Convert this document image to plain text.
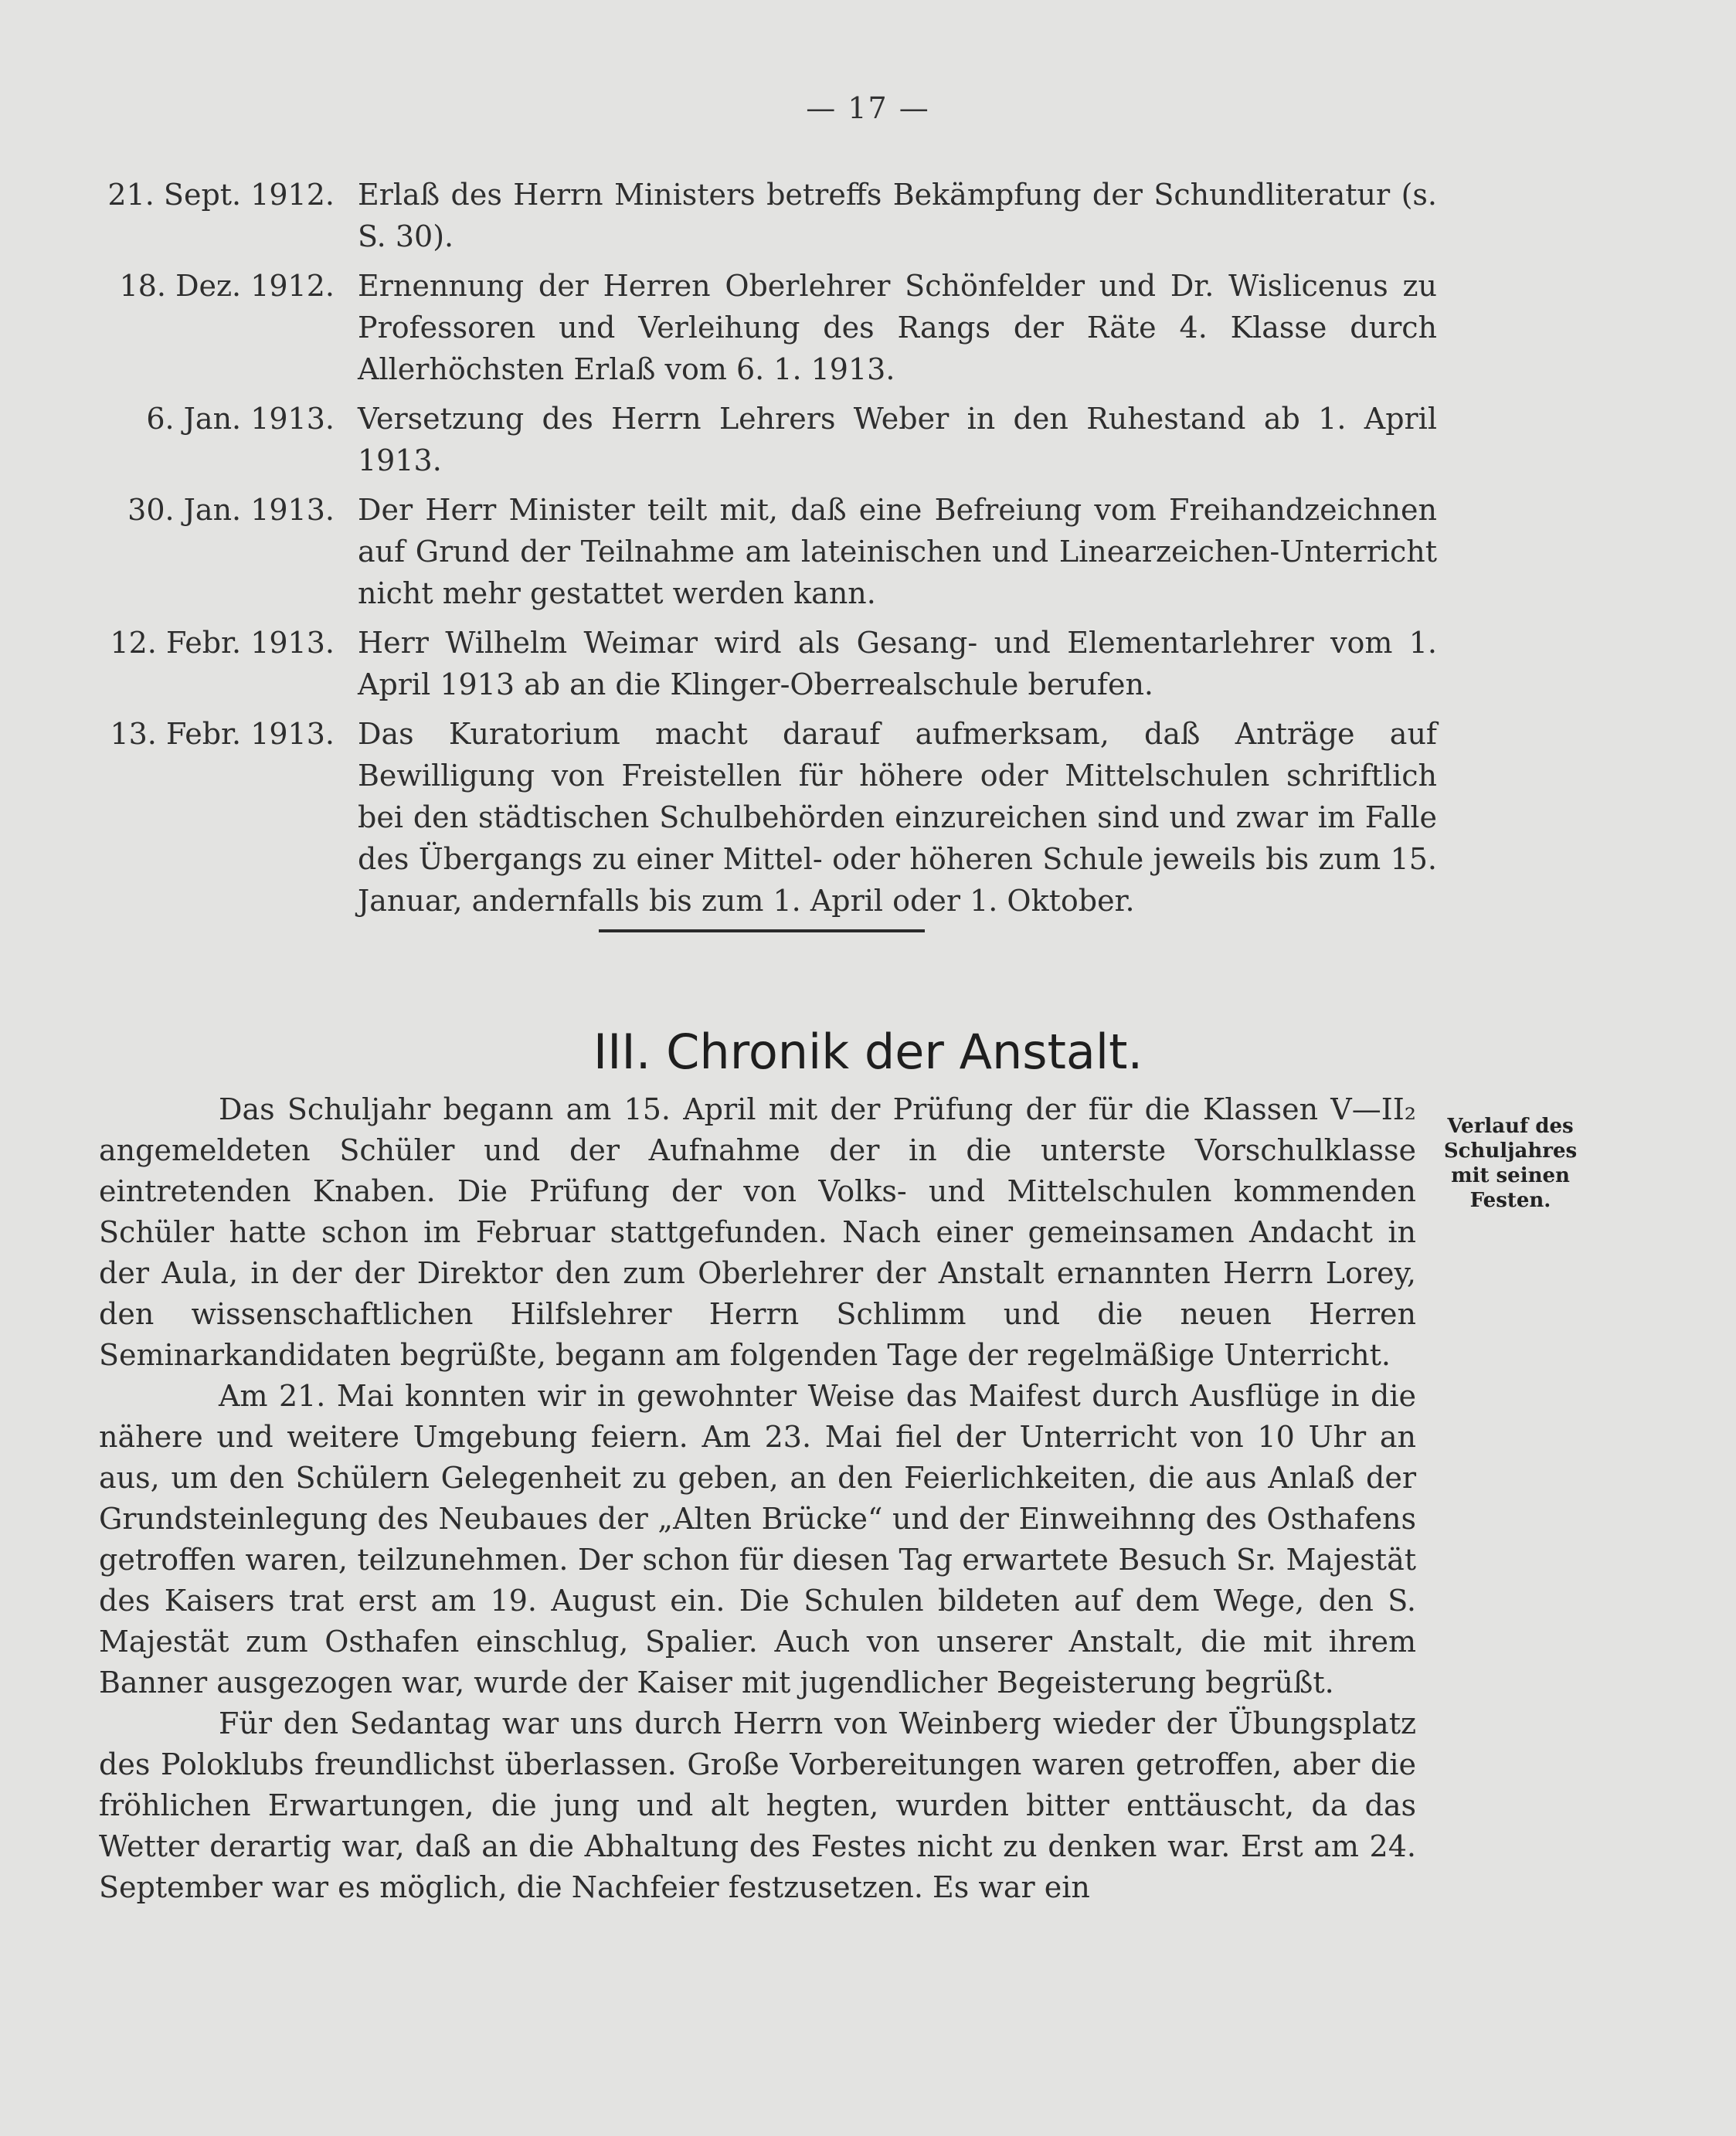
— 17 —
21. Sept. 1912. Erlaß des Herrn Ministers betreffs Bekämpfung der Schundliteratur (s. S. 30).
18. Dez. 1912. Ernennung der Herren Oberlehrer Schönfelder und Dr. Wislicenus zu Professoren und Verleihung des Rangs der Räte 4. Klasse durch Allerhöchsten Erlaß vom 6. 1. 1913.
6. Jan. 1913. Versetzung des Herrn Lehrers Weber in den Ruhestand ab 1. April 1913.
30. Jan. 1913. Der Herr Minister teilt mit, daß eine Befreiung vom Freihandzeichnen auf Grund der Teilnahme am lateinischen und Linearzeichen-Unterricht nicht mehr gestattet werden kann.
12. Febr. 1913. Herr Wilhelm Weimar wird als Gesang- und Elementarlehrer vom 1. April 1913 ab an die Klinger-Oberrealschule berufen.
13. Febr. 1913. Das Kuratorium macht darauf aufmerksam, daß Anträge auf Bewilligung von Freistellen für höhere oder Mittelschulen schriftlich bei den städtischen Schulbehörden einzureichen sind und zwar im Falle des Übergangs zu einer Mittel- oder höheren Schule jeweils bis zum 15. Januar, andernfalls bis zum 1. April oder 1. Oktober.
III. Chronik der Anstalt.

Das Schuljahr begann am 15. April mit der Prüfung der für die Klassen V—II₂ angemeldeten Schüler und der Aufnahme der in die unterste Vorschulklasse eintretenden Knaben. Die Prüfung der von Volks- und Mittelschulen kommenden Schüler hatte schon im Februar stattgefunden. Nach einer gemeinsamen Andacht in der Aula, in der der Direktor den zum Oberlehrer der Anstalt ernannten Herrn Lorey, den wissenschaftlichen Hilfslehrer Herrn Schlimm und die neuen Herren Seminarkandidaten begrüßte, begann am folgenden Tage der regelmäßige Unterricht.

Am 21. Mai konnten wir in gewohnter Weise das Maifest durch Ausflüge in die nähere und weitere Umgebung feiern. Am 23. Mai fiel der Unterricht von 10 Uhr an aus, um den Schülern Gelegenheit zu geben, an den Feierlichkeiten, die aus Anlaß der Grundsteinlegung des Neubaues der „Alten Brücke“ und der Einweihnng des Osthafens getroffen waren, teilzunehmen. Der schon für diesen Tag erwartete Besuch Sr. Majestät des Kaisers trat erst am 19. August ein. Die Schulen bildeten auf dem Wege, den S. Majestät zum Osthafen einschlug, Spalier. Auch von unserer Anstalt, die mit ihrem Banner ausgezogen war, wurde der Kaiser mit jugendlicher Begeisterung begrüßt.

Für den Sedantag war uns durch Herrn von Weinberg wieder der Übungsplatz des Poloklubs freundlichst überlassen. Große Vorbereitungen waren getroffen, aber die fröhlichen Erwartungen, die jung und alt hegten, wurden bitter enttäuscht, da das Wetter derartig war, daß an die Abhaltung des Festes nicht zu denken war. Erst am 24. September war es möglich, die Nachfeier festzusetzen. Es war ein

Verlauf des Schuljahres mit seinen Festen.
